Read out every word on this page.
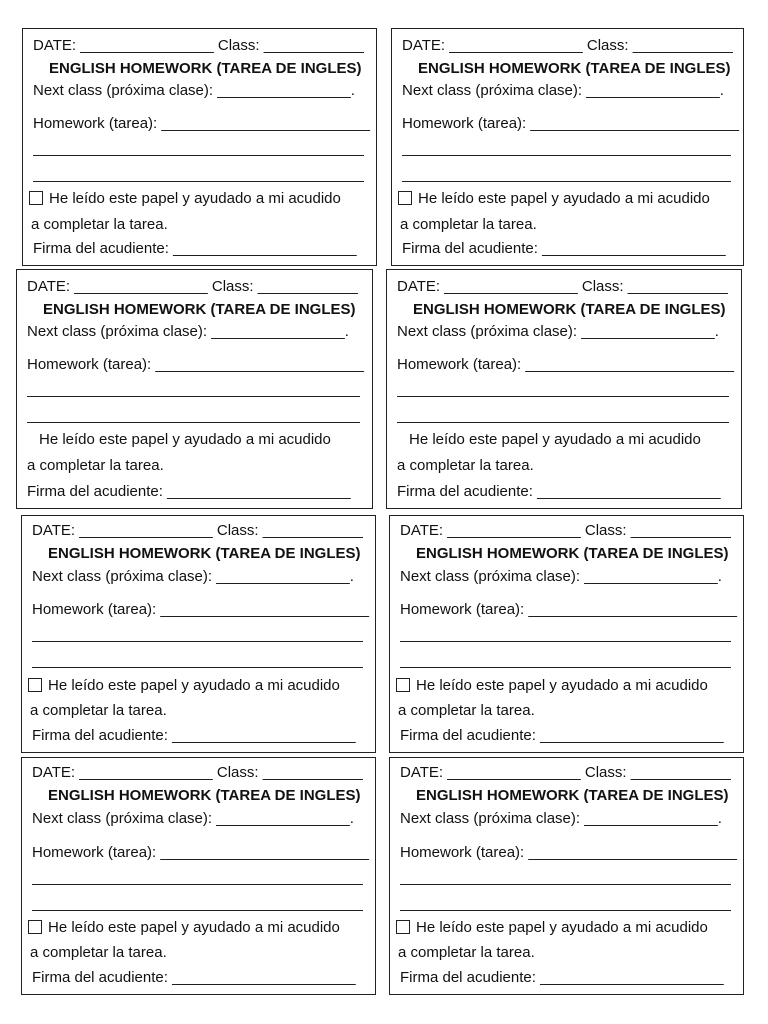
DATE: ________________ Class: ____________
ENGLISH HOMEWORK (TAREA DE INGLES)
Next class (próxima clase): ________________.
Homework (tarea): _________________________
He leído este papel y ayudado a mi acudido
a completar la tarea.
Firma del acudiente: ______________________
DATE: ________________ Class: ____________
ENGLISH HOMEWORK (TAREA DE INGLES)
Next class (próxima clase): ________________.
Homework (tarea): _________________________
He leído este papel y ayudado a mi acudido
a completar la tarea.
Firma del acudiente: ______________________
DATE: ________________ Class: ____________
ENGLISH HOMEWORK (TAREA DE INGLES)
Next class (próxima clase): ________________.
Homework (tarea): _________________________
He leído este papel y ayudado a mi acudido
a completar la tarea.
Firma del acudiente: ______________________
DATE: ________________ Class: ____________
ENGLISH HOMEWORK (TAREA DE INGLES)
Next class (próxima clase): ________________.
Homework (tarea): _________________________
He leído este papel y ayudado a mi acudido
a completar la tarea.
Firma del acudiente: ______________________
DATE: ________________ Class: ____________
ENGLISH HOMEWORK (TAREA DE INGLES)
Next class (próxima clase): ________________.
Homework (tarea): _________________________
He leído este papel y ayudado a mi acudido
a completar la tarea.
Firma del acudiente: ______________________
DATE: ________________ Class: ____________
ENGLISH HOMEWORK (TAREA DE INGLES)
Next class (próxima clase): ________________.
Homework (tarea): _________________________
He leído este papel y ayudado a mi acudido
a completar la tarea.
Firma del acudiente: ______________________
DATE: ________________ Class: ____________
ENGLISH HOMEWORK (TAREA DE INGLES)
Next class (próxima clase): ________________.
Homework (tarea): _________________________
He leído este papel y ayudado a mi acudido
a completar la tarea.
Firma del acudiente: ______________________
DATE: ________________ Class: ____________
ENGLISH HOMEWORK (TAREA DE INGLES)
Next class (próxima clase): ________________.
Homework (tarea): _________________________
He leído este papel y ayudado a mi acudido
a completar la tarea.
Firma del acudiente: ______________________
